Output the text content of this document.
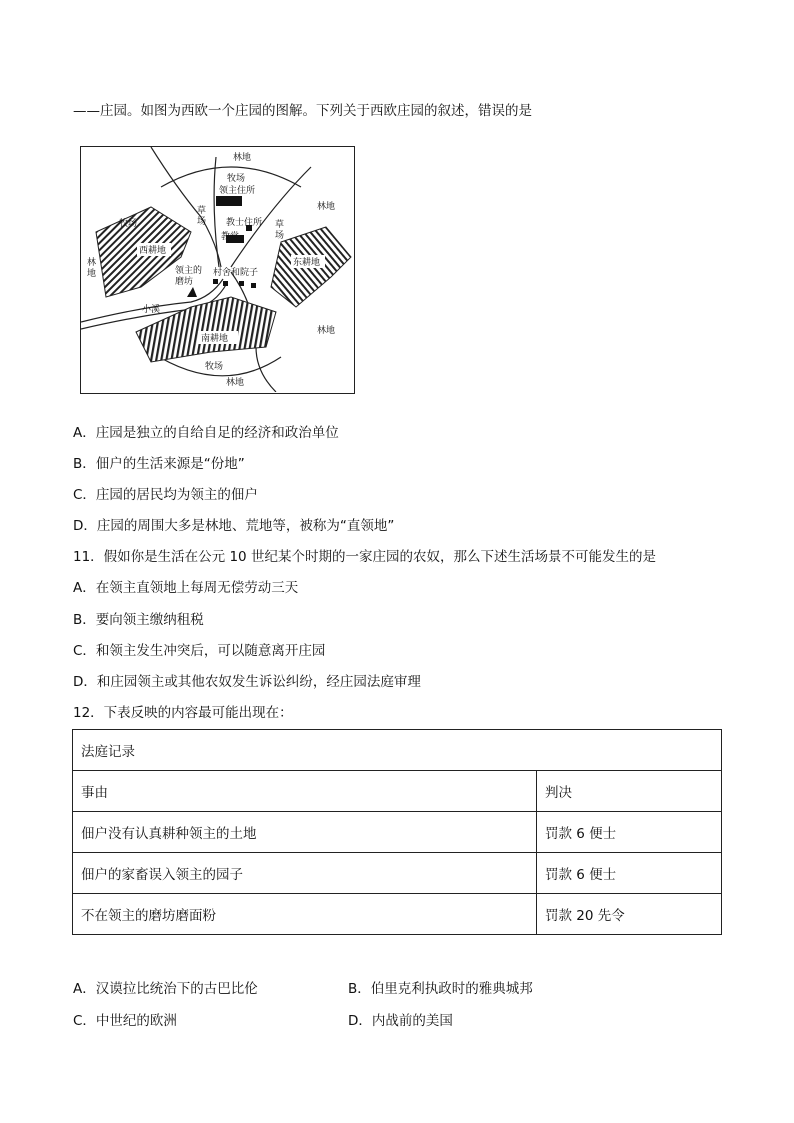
——庄园。如图为西欧一个庄园的图解。下列关于西欧庄园的叙述，错误的是
林地
牧场
领主住所
草场 教士住所
教堂
草场
林地
牧场
西耕地
林地
东耕地
领主的磨坊
村舍和院子
小溪
林地
南耕地
牧场
林地
A．庄园是独立的自给自足的经济和政治单位
B．佃户的生活来源是“份地”
C．庄园的居民均为领主的佃户
D．庄园的周围大多是林地、荒地等，被称为“直领地”
11．假如你是生活在公元 10 世纪某个时期的一家庄园的农奴，那么下述生活场景不可能发生的是
A．在领主直领地上每周无偿劳动三天
B．要向领主缴纳租税
C．和领主发生冲突后，可以随意离开庄园
D．和庄园领主或其他农奴发生诉讼纠纷，经庄园法庭审理
12．下表反映的内容最可能出现在：
法庭记录	
事由	判决
佃户没有认真耕种领主的土地	罚款 6 便士
佃户的家畜误入领主的园子	罚款 6 便士
不在领主的磨坊磨面粉	罚款 20 先令
A．汉谟拉比统治下的古巴比伦	B．伯里克利执政时的雅典城邦
C．中世纪的欧洲	D．内战前的美国
